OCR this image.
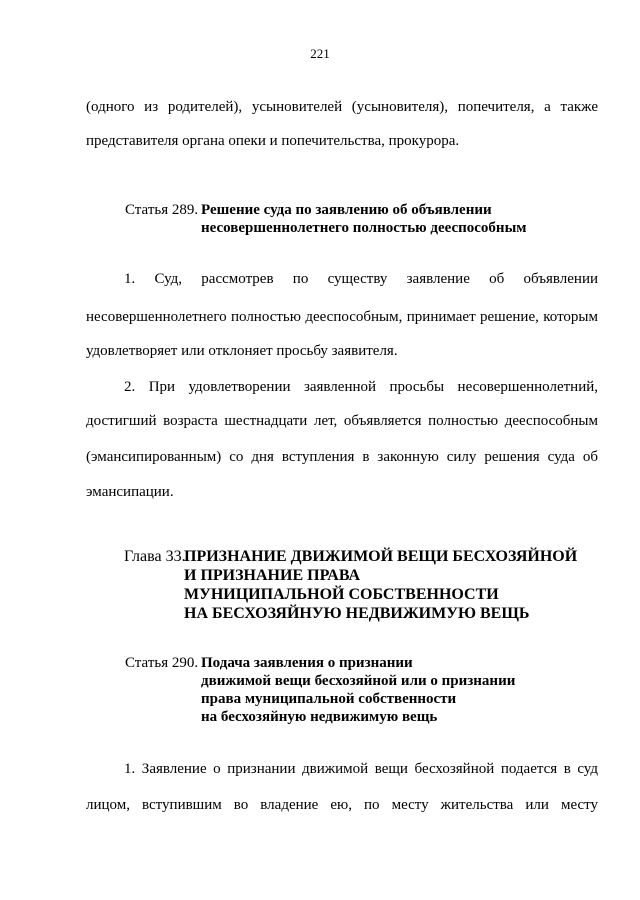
221
(одного из родителей), усыновителей (усыновителя), попечителя, а также
представителя органа опеки и попечительства, прокурора.
Статья 289. Решение суда по заявлению об объявлении
несовершеннолетнего полностью дееспособным
1. Суд, рассмотрев по существу заявление об объявлении
несовершеннолетнего полностью дееспособным, принимает решение, которым
удовлетворяет или отклоняет просьбу заявителя.
2. При удовлетворении заявленной просьбы несовершеннолетний,
достигший возраста шестнадцати лет, объявляется полностью дееспособным
(эмансипированным) со дня вступления в законную силу решения суда об
эмансипации.
Глава 33.
ПРИЗНАНИЕ ДВИЖИМОЙ ВЕЩИ БЕСХОЗЯЙНОЙ
И ПРИЗНАНИЕ ПРАВА
МУНИЦИПАЛЬНОЙ СОБСТВЕННОСТИ
НА БЕСХОЗЯЙНУЮ НЕДВИЖИМУЮ ВЕЩЬ
Статья 290. Подача заявления о признании
движимой вещи бесхозяйной или о признании
права муниципальной собственности
на бесхозяйную недвижимую вещь
1. Заявление о признании движимой вещи бесхозяйной подается в суд
лицом, вступившим во владение ею, по месту жительства или месту
